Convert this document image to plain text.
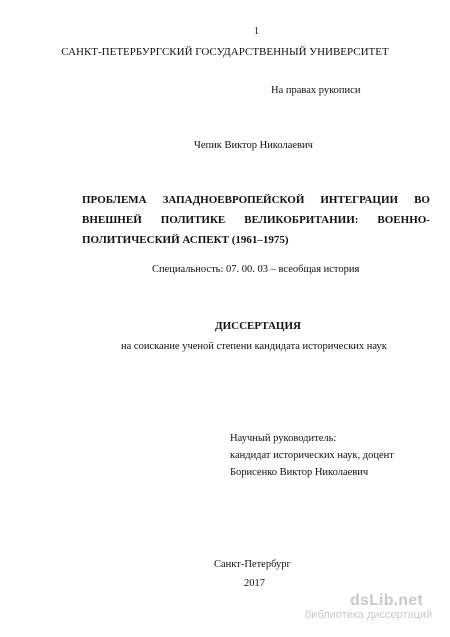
1
САНКТ-ПЕТЕРБУРГСКИЙ ГОСУДАРСТВЕННЫЙ УНИВЕРСИТЕТ
На правах рукописи
Чепик Виктор Николаевич
ПРОБЛЕМА ЗАПАДНОЕВРОПЕЙСКОЙ ИНТЕГРАЦИИ ВО
ВНЕШНЕЙ ПОЛИТИКЕ ВЕЛИКОБРИТАНИИ: ВОЕННО-
ПОЛИТИЧЕСКИЙ АСПЕКТ (1961–1975)
Специальность: 07. 00. 03 – всеобщая история
ДИССЕРТАЦИЯ
на соискание ученой степени кандидата исторических наук
Научный руководитель:
кандидат исторических наук, доцент
Борисенко Виктор Николаевич
Санкт-Петербург
2017
dsLib.net
библиотека диссертаций
